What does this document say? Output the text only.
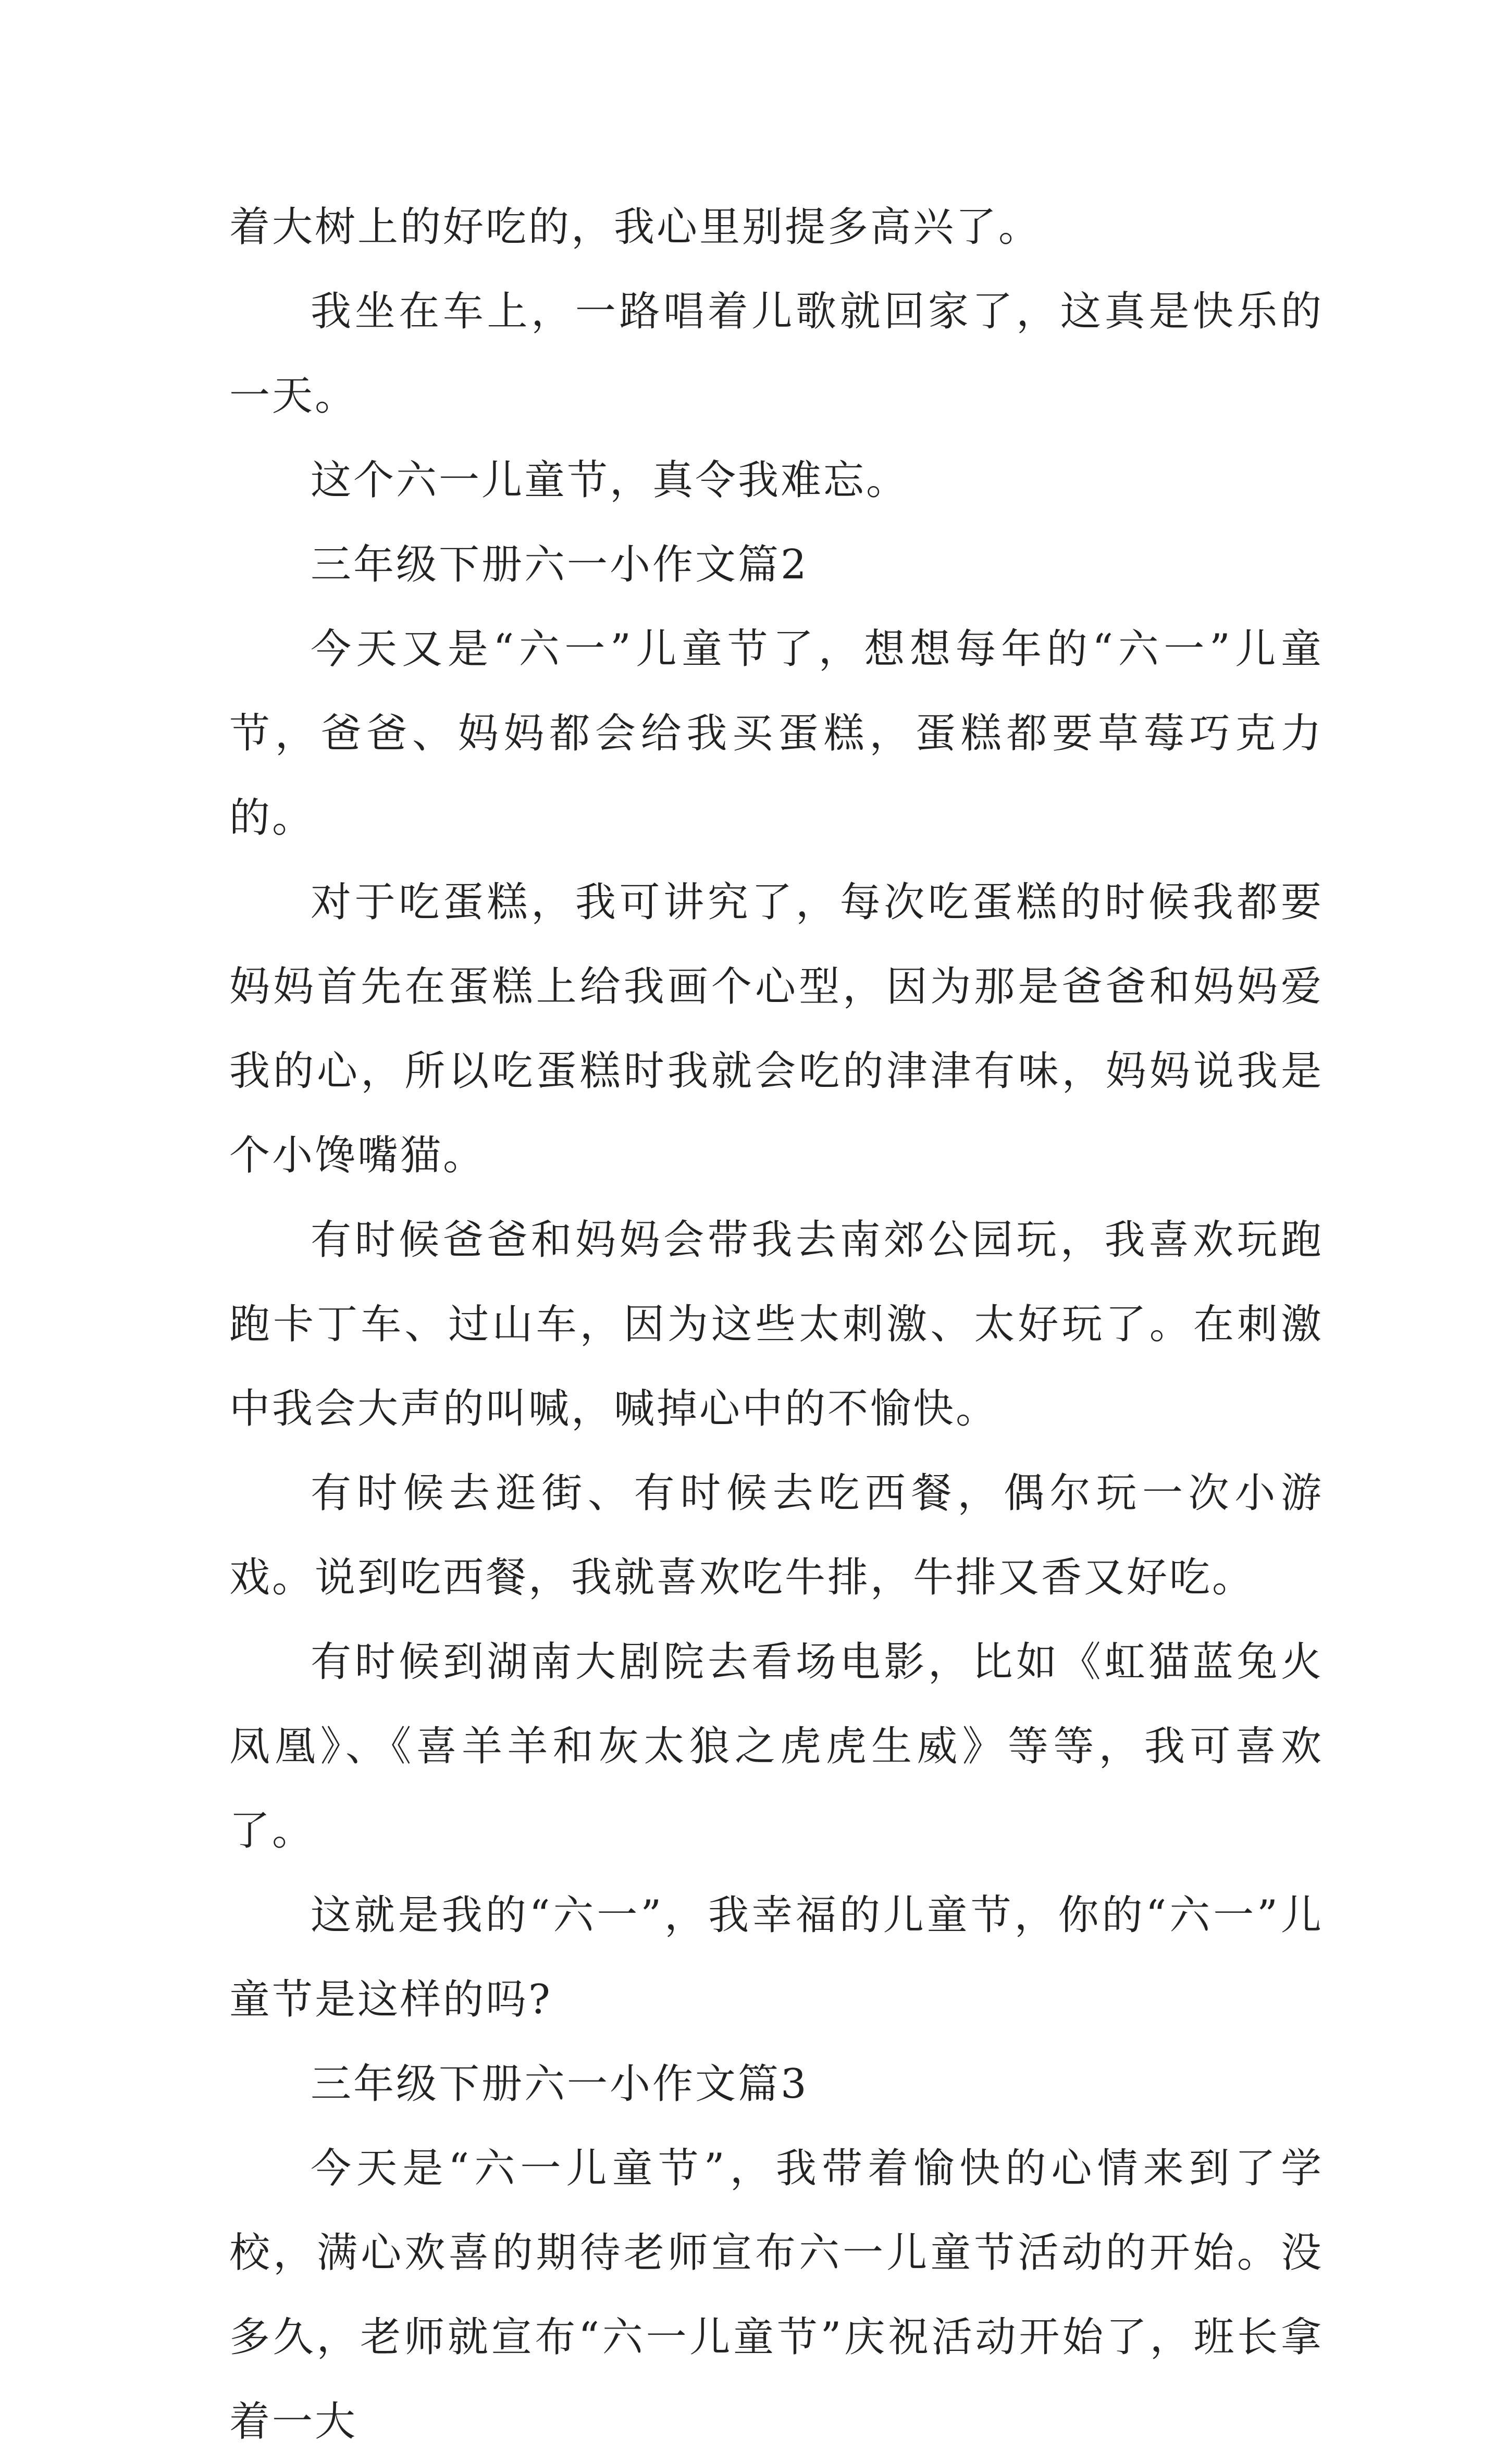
着大树上的好吃的，我心里别提多高兴了。

我坐在车上，一路唱着儿歌就回家了，这真是快乐的一天。

这个六一儿童节，真令我难忘。

三年级下册六一小作文篇2

今天又是“六一”儿童节了，想想每年的“六一”儿童节，爸爸、妈妈都会给我买蛋糕，蛋糕都要草莓巧克力的。

对于吃蛋糕，我可讲究了，每次吃蛋糕的时候我都要妈妈首先在蛋糕上给我画个心型，因为那是爸爸和妈妈爱我的心，所以吃蛋糕时我就会吃的津津有味，妈妈说我是个小馋嘴猫。

有时候爸爸和妈妈会带我去南郊公园玩，我喜欢玩跑跑卡丁车、过山车，因为这些太刺激、太好玩了。在刺激中我会大声的叫喊，喊掉心中的不愉快。

有时候去逛街、有时候去吃西餐，偶尔玩一次小游戏。说到吃西餐，我就喜欢吃牛排，牛排又香又好吃。

有时候到湖南大剧院去看场电影，比如《虹猫蓝兔火凤凰》、《喜羊羊和灰太狼之虎虎生威》等等，我可喜欢了。

这就是我的“六一”，我幸福的儿童节，你的“六一”儿童节是这样的吗?

三年级下册六一小作文篇3

今天是“六一儿童节”，我带着愉快的心情来到了学校，满心欢喜的期待老师宣布六一儿童节活动的开始。没多久，老师就宣布“六一儿童节”庆祝活动开始了，班长拿着一大
